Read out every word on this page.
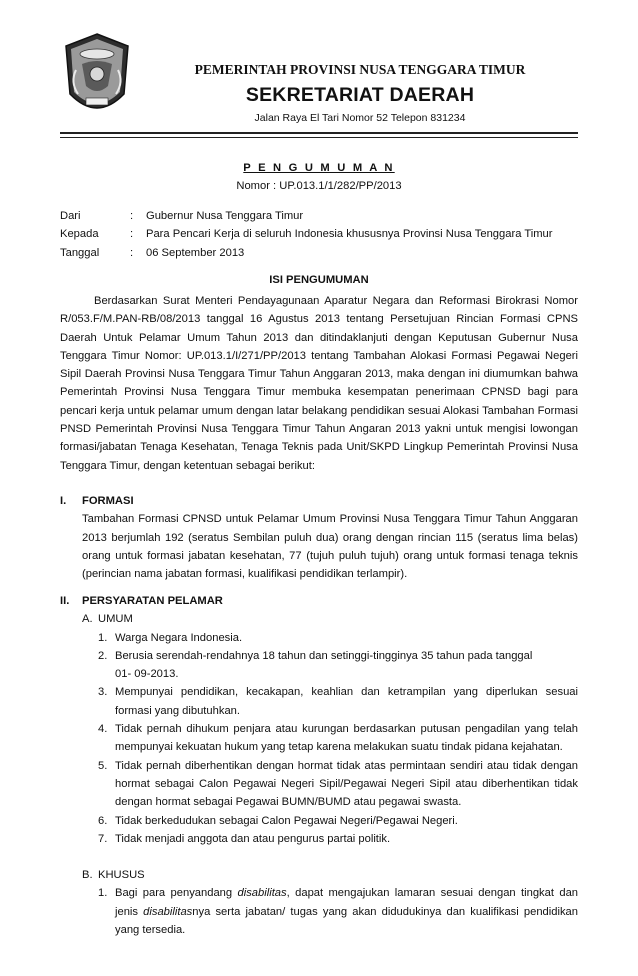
PEMERINTAH PROVINSI NUSA TENGGARA TIMUR
SEKRETARIAT DAERAH
Jalan Raya El Tari Nomor 52 Telepon 831234
P E N G U M U M A N
Nomor : UP.013.1/1/282/PP/2013
Dari	:	Gubernur Nusa Tenggara Timur
Kepada	:	Para Pencari Kerja di seluruh Indonesia khususnya Provinsi Nusa Tenggara Timur
Tanggal	:	06 September 2013
ISI PENGUMUMAN

Berdasarkan Surat Menteri Pendayagunaan Aparatur Negara dan Reformasi Birokrasi Nomor R/053.F/M.PAN-RB/08/2013 tanggal 16 Agustus 2013 tentang Persetujuan Rincian Formasi CPNS Daerah Untuk Pelamar Umum Tahun 2013 dan ditindaklanjuti dengan Keputusan Gubernur Nusa Tenggara Timur Nomor: UP.013.1/I/271/PP/2013 tentang Tambahan Alokasi Formasi Pegawai Negeri Sipil Daerah Provinsi Nusa Tenggara Timur Tahun Anggaran 2013, maka dengan ini diumumkan bahwa Pemerintah Provinsi Nusa Tenggara Timur membuka kesempatan penerimaan CPNSD bagi para pencari kerja untuk pelamar umum dengan latar belakang pendidikan sesuai Alokasi Tambahan Formasi PNSD Pemerintah Provinsi Nusa Tenggara Timur Tahun Angaran 2013 yakni untuk mengisi lowongan formasi/jabatan Tenaga Kesehatan, Tenaga Teknis pada Unit/SKPD Lingkup Pemerintah Provinsi Nusa Tenggara Timur, dengan ketentuan sebagai berikut:

I. FORMASI
Tambahan Formasi CPNSD untuk Pelamar Umum Provinsi Nusa Tenggara Timur Tahun Anggaran 2013 berjumlah 192 (seratus Sembilan puluh dua) orang dengan rincian 115 (seratus lima belas) orang untuk formasi jabatan kesehatan, 77 (tujuh puluh tujuh) orang untuk formasi tenaga teknis (perincian nama jabatan formasi, kualifikasi pendidikan terlampir).
II. PERSYARATAN PELAMAR
A. UMUM
1. Warga Negara Indonesia.
2. Berusia serendah-rendahnya 18 tahun dan setinggi-tingginya 35 tahun pada tanggal
01- 09-2013.
3. Mempunyai pendidikan, kecakapan, keahlian dan ketrampilan yang diperlukan sesuai formasi yang dibutuhkan.
4. Tidak pernah dihukum penjara atau kurungan berdasarkan putusan pengadilan yang telah mempunyai kekuatan hukum yang tetap karena melakukan suatu tindak pidana kejahatan.
5. Tidak pernah diberhentikan dengan hormat tidak atas permintaan sendiri atau tidak dengan hormat sebagai Calon Pegawai Negeri Sipil/Pegawai Negeri Sipil atau diberhentikan tidak dengan hormat sebagai Pegawai BUMN/BUMD atau pegawai swasta.
6. Tidak berkedudukan sebagai Calon Pegawai Negeri/Pegawai Negeri.
7. Tidak menjadi anggota dan atau pengurus partai politik.
B. KHUSUS
1. Bagi para penyandang disabilitas, dapat mengajukan lamaran sesuai dengan tingkat dan jenis disabilitasnya serta jabatan/ tugas yang akan didudukinya dan kualifikasi pendidikan yang tersedia.
